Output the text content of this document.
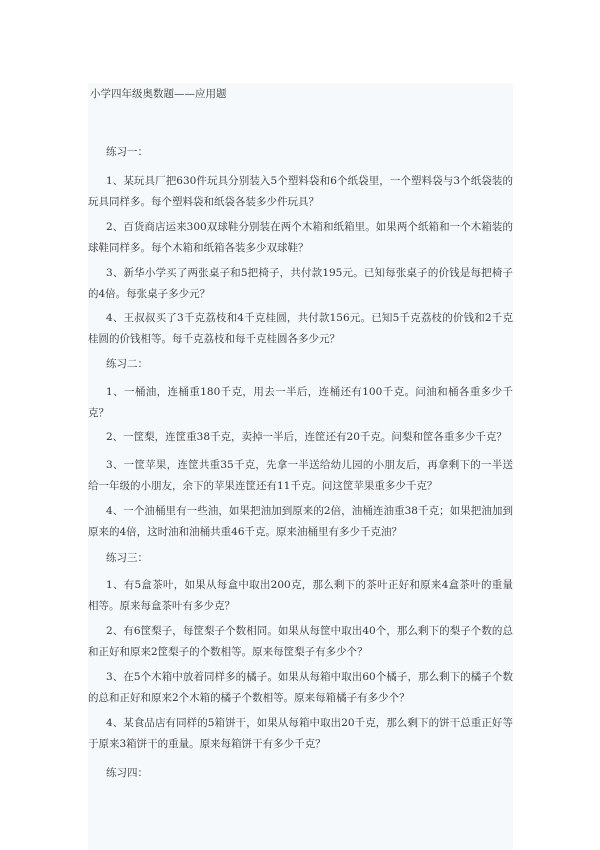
小学四年级奥数题——应用题
练习一：
1、某玩具厂把630件玩具分别装入5个塑料袋和6个纸袋里，一个塑料袋与3个纸袋装的玩具同样多。每个塑料袋和纸袋各装多少件玩具？
2、百货商店运来300双球鞋分别装在两个木箱和纸箱里。如果两个纸箱和一个木箱装的球鞋同样多。每个木箱和纸箱各装多少双球鞋？
3、新华小学买了两张桌子和5把椅子，共付款195元。已知每张桌子的价钱是每把椅子的4倍。每张桌子多少元？
4、王叔叔买了3千克荔枝和4千克桂圆，共付款156元。已知5千克荔枝的价钱和2千克桂圆的价钱相等。每千克荔枝和每千克桂圆各多少元？
练习二：
1、一桶油，连桶重180千克，用去一半后，连桶还有100千克。问油和桶各重多少千克？
2、一筐梨，连筐重38千克，卖掉一半后，连筐还有20千克。问梨和筐各重多少千克？
3、一筐苹果，连筐共重35千克，先拿一半送给幼儿园的小朋友后，再拿剩下的一半送给一年级的小朋友，余下的苹果连筐还有11千克。问这筐苹果重多少千克？
4、一个油桶里有一些油，如果把油加到原来的2倍，油桶连油重38千克；如果把油加到原来的4倍，这时油和油桶共重46千克。原来油桶里有多少千克油？
练习三：
1、有5盒茶叶，如果从每盒中取出200克，那么剩下的茶叶正好和原来4盒茶叶的重量相等。原来每盒茶叶有多少克？
2、有6筐梨子，每筐梨子个数相同。如果从每筐中取出40个，那么剩下的梨子个数的总和正好和原来2筐梨子的个数相等。原来每筐梨子有多少个？
3、在5个木箱中放着同样多的橘子。如果从每箱中取出60个橘子，那么剩下的橘子个数的总和正好和原来2个木箱的橘子个数相等。原来每箱橘子有多少个？
4、某食品店有同样的5箱饼干，如果从每箱中取出20千克，那么剩下的饼干总重正好等于原来3箱饼干的重量。原来每箱饼干有多少千克？
练习四：
